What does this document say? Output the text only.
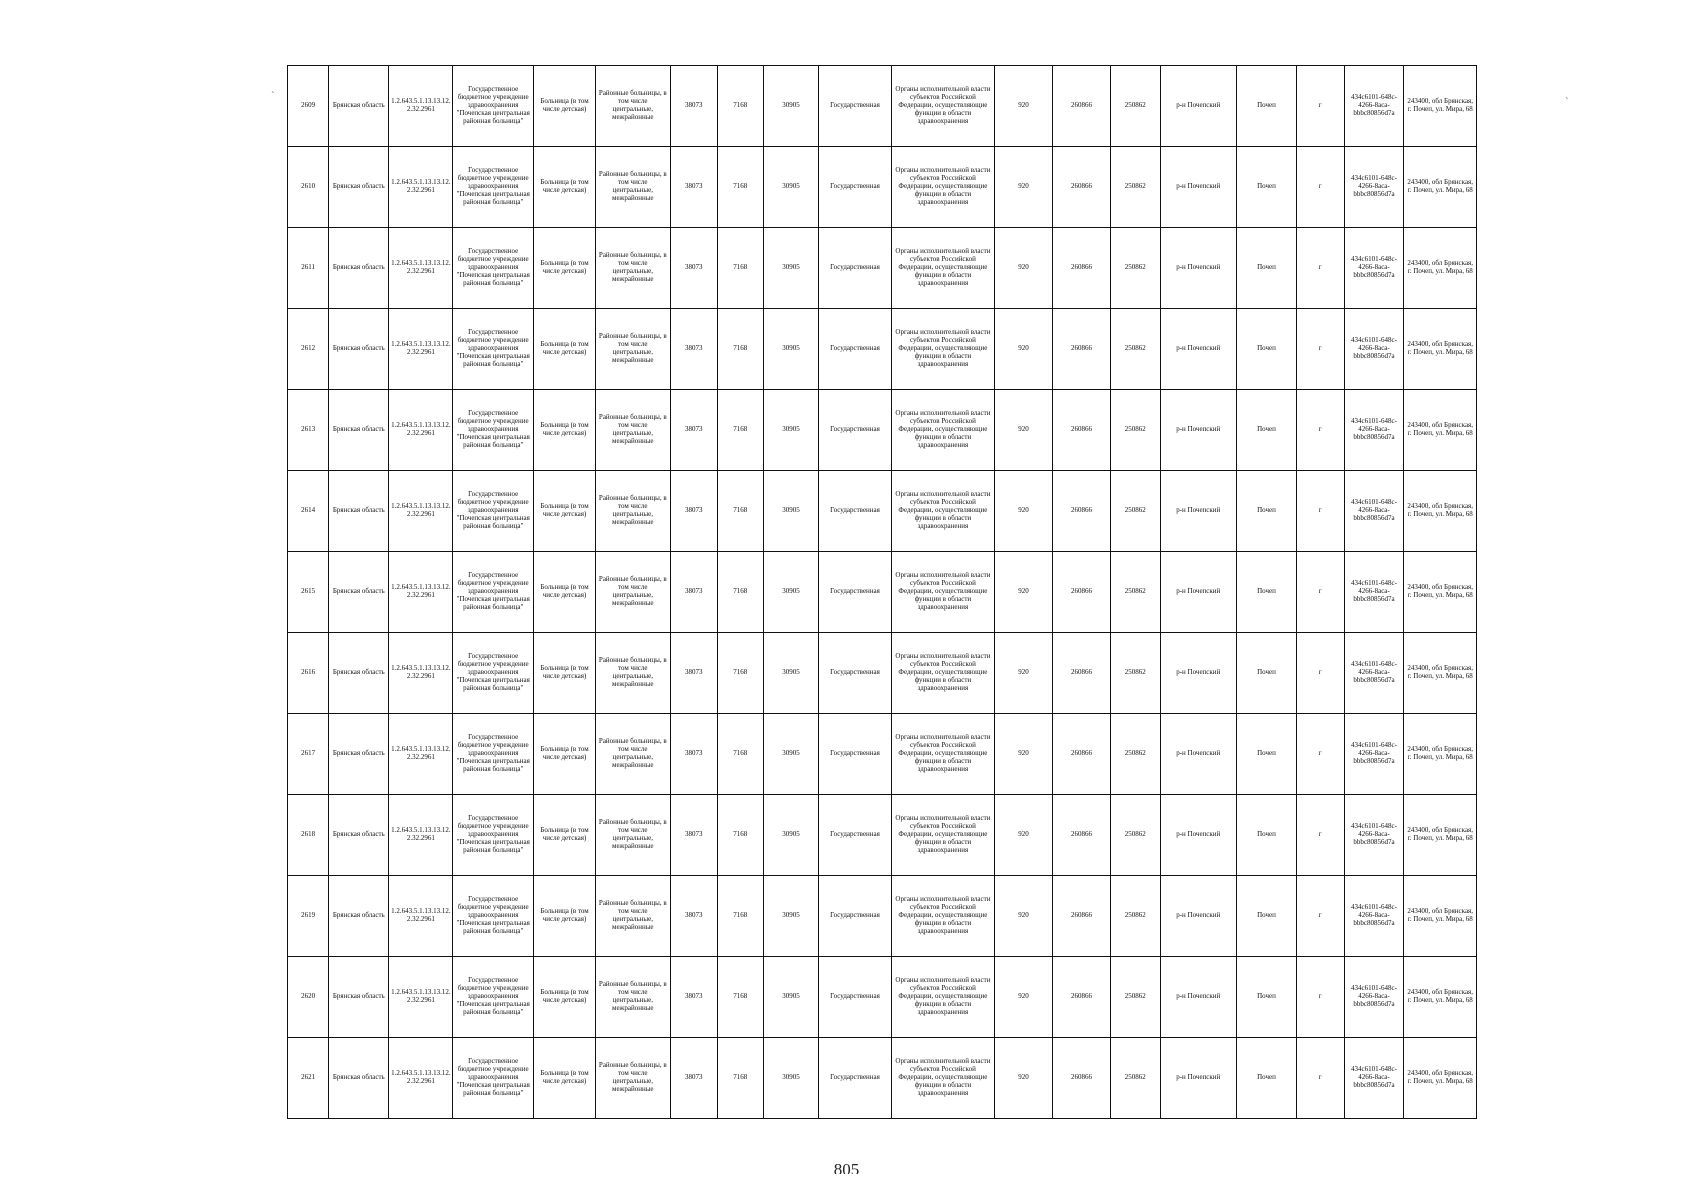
`	`
2609	Брянская область	1.2.643.5.1.13.13.12.2.32.2961	Государственное бюджетное учреждение здравоохранения "Почепская центральная районная больница"	Больница (в том числе детская)	Районные больницы, в том числе центральные, межрайонные	38073	7168	30905	Государственная	Органы исполнительной власти субъектов Российской Федерации, осуществляющие функции в области здравоохранения	920	260866	250862	р-н Почепский	Почеп	г	434c6101-648c-4266-8aca-bbbc80856d7a	243400, обл Брянская, г. Почеп, ул. Мира, 68
2610	Брянская область	1.2.643.5.1.13.13.12.2.32.2961	Государственное бюджетное учреждение здравоохранения "Почепская центральная районная больница"	Больница (в том числе детская)	Районные больницы, в том числе центральные, межрайонные	38073	7168	30905	Государственная	Органы исполнительной власти субъектов Российской Федерации, осуществляющие функции в области здравоохранения	920	260866	250862	р-н Почепский	Почеп	г	434c6101-648c-4266-8aca-bbbc80856d7a	243400, обл Брянская, г. Почеп, ул. Мира, 68
2611	Брянская область	1.2.643.5.1.13.13.12.2.32.2961	Государственное бюджетное учреждение здравоохранения "Почепская центральная районная больница"	Больница (в том числе детская)	Районные больницы, в том числе центральные, межрайонные	38073	7168	30905	Государственная	Органы исполнительной власти субъектов Российской Федерации, осуществляющие функции в области здравоохранения	920	260866	250862	р-н Почепский	Почеп	г	434c6101-648c-4266-8aca-bbbc80856d7a	243400, обл Брянская, г. Почеп, ул. Мира, 68
2612	Брянская область	1.2.643.5.1.13.13.12.2.32.2961	Государственное бюджетное учреждение здравоохранения "Почепская центральная районная больница"	Больница (в том числе детская)	Районные больницы, в том числе центральные, межрайонные	38073	7168	30905	Государственная	Органы исполнительной власти субъектов Российской Федерации, осуществляющие функции в области здравоохранения	920	260866	250862	р-н Почепский	Почеп	г	434c6101-648c-4266-8aca-bbbc80856d7a	243400, обл Брянская, г. Почеп, ул. Мира, 68
2613	Брянская область	1.2.643.5.1.13.13.12.2.32.2961	Государственное бюджетное учреждение здравоохранения "Почепская центральная районная больница"	Больница (в том числе детская)	Районные больницы, в том числе центральные, межрайонные	38073	7168	30905	Государственная	Органы исполнительной власти субъектов Российской Федерации, осуществляющие функции в области здравоохранения	920	260866	250862	р-н Почепский	Почеп	г	434c6101-648c-4266-8aca-bbbc80856d7a	243400, обл Брянская, г. Почеп, ул. Мира, 68
2614	Брянская область	1.2.643.5.1.13.13.12.2.32.2961	Государственное бюджетное учреждение здравоохранения "Почепская центральная районная больница"	Больница (в том числе детская)	Районные больницы, в том числе центральные, межрайонные	38073	7168	30905	Государственная	Органы исполнительной власти субъектов Российской Федерации, осуществляющие функции в области здравоохранения	920	260866	250862	р-н Почепский	Почеп	г	434c6101-648c-4266-8aca-bbbc80856d7a	243400, обл Брянская, г. Почеп, ул. Мира, 68
2615	Брянская область	1.2.643.5.1.13.13.12.2.32.2961	Государственное бюджетное учреждение здравоохранения "Почепская центральная районная больница"	Больница (в том числе детская)	Районные больницы, в том числе центральные, межрайонные	38073	7168	30905	Государственная	Органы исполнительной власти субъектов Российской Федерации, осуществляющие функции в области здравоохранения	920	260866	250862	р-н Почепский	Почеп	г	434c6101-648c-4266-8aca-bbbc80856d7a	243400, обл Брянская, г. Почеп, ул. Мира, 68
2616	Брянская область	1.2.643.5.1.13.13.12.2.32.2961	Государственное бюджетное учреждение здравоохранения "Почепская центральная районная больница"	Больница (в том числе детская)	Районные больницы, в том числе центральные, межрайонные	38073	7168	30905	Государственная	Органы исполнительной власти субъектов Российской Федерации, осуществляющие функции в области здравоохранения	920	260866	250862	р-н Почепский	Почеп	г	434c6101-648c-4266-8aca-bbbc80856d7a	243400, обл Брянская, г. Почеп, ул. Мира, 68
2617	Брянская область	1.2.643.5.1.13.13.12.2.32.2961	Государственное бюджетное учреждение здравоохранения "Почепская центральная районная больница"	Больница (в том числе детская)	Районные больницы, в том числе центральные, межрайонные	38073	7168	30905	Государственная	Органы исполнительной власти субъектов Российской Федерации, осуществляющие функции в области здравоохранения	920	260866	250862	р-н Почепский	Почеп	г	434c6101-648c-4266-8aca-bbbc80856d7a	243400, обл Брянская, г. Почеп, ул. Мира, 68
2618	Брянская область	1.2.643.5.1.13.13.12.2.32.2961	Государственное бюджетное учреждение здравоохранения "Почепская центральная районная больница"	Больница (в том числе детская)	Районные больницы, в том числе центральные, межрайонные	38073	7168	30905	Государственная	Органы исполнительной власти субъектов Российской Федерации, осуществляющие функции в области здравоохранения	920	260866	250862	р-н Почепский	Почеп	г	434c6101-648c-4266-8aca-bbbc80856d7a	243400, обл Брянская, г. Почеп, ул. Мира, 68
2619	Брянская область	1.2.643.5.1.13.13.12.2.32.2961	Государственное бюджетное учреждение здравоохранения "Почепская центральная районная больница"	Больница (в том числе детская)	Районные больницы, в том числе центральные, межрайонные	38073	7168	30905	Государственная	Органы исполнительной власти субъектов Российской Федерации, осуществляющие функции в области здравоохранения	920	260866	250862	р-н Почепский	Почеп	г	434c6101-648c-4266-8aca-bbbc80856d7a	243400, обл Брянская, г. Почеп, ул. Мира, 68
2620	Брянская область	1.2.643.5.1.13.13.12.2.32.2961	Государственное бюджетное учреждение здравоохранения "Почепская центральная районная больница"	Больница (в том числе детская)	Районные больницы, в том числе центральные, межрайонные	38073	7168	30905	Государственная	Органы исполнительной власти субъектов Российской Федерации, осуществляющие функции в области здравоохранения	920	260866	250862	р-н Почепский	Почеп	г	434c6101-648c-4266-8aca-bbbc80856d7a	243400, обл Брянская, г. Почеп, ул. Мира, 68
2621	Брянская область	1.2.643.5.1.13.13.12.2.32.2961	Государственное бюджетное учреждение здравоохранения "Почепская центральная районная больница"	Больница (в том числе детская)	Районные больницы, в том числе центральные, межрайонные	38073	7168	30905	Государственная	Органы исполнительной власти субъектов Российской Федерации, осуществляющие функции в области здравоохранения	920	260866	250862	р-н Почепский	Почеп	г	434c6101-648c-4266-8aca-bbbc80856d7a	243400, обл Брянская, г. Почеп, ул. Мира, 68
805
